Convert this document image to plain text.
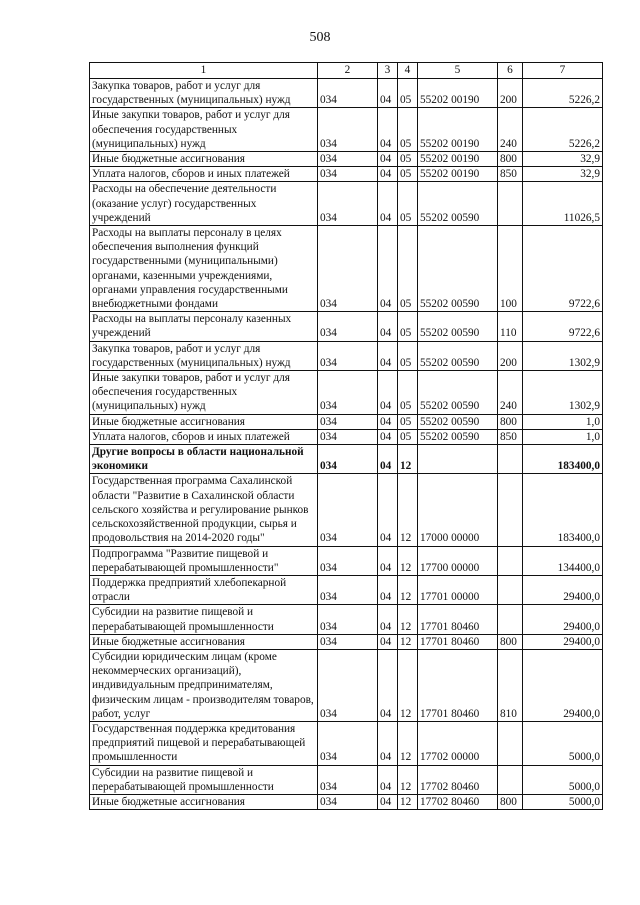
508
1	2	3	4	5	6	7
Закупка товаров, работ и услуг для государственных (муниципальных) нужд	034	04	05	55202 00190	200	5226,2
Иные закупки товаров, работ и услуг для обеспечения государственных (муниципальных) нужд	034	04	05	55202 00190	240	5226,2
Иные бюджетные ассигнования	034	04	05	55202 00190	800	32,9
Уплата налогов, сборов и иных платежей	034	04	05	55202 00190	850	32,9
Расходы на обеспечение деятельности (оказание услуг) государственных учреждений	034	04	05	55202 00590		11026,5
Расходы на выплаты персоналу в целях обеспечения выполнения функций государственными (муниципальными) органами, казенными учреждениями, органами управления государственными внебюджетными фондами	034	04	05	55202 00590	100	9722,6
Расходы на выплаты персоналу казенных учреждений	034	04	05	55202 00590	110	9722,6
Закупка товаров, работ и услуг для государственных (муниципальных) нужд	034	04	05	55202 00590	200	1302,9
Иные закупки товаров, работ и услуг для обеспечения государственных (муниципальных) нужд	034	04	05	55202 00590	240	1302,9
Иные бюджетные ассигнования	034	04	05	55202 00590	800	1,0
Уплата налогов, сборов и иных платежей	034	04	05	55202 00590	850	1,0
Другие вопросы в области национальной экономики	034	04	12			183400,0
Государственная программа Сахалинской области "Развитие в Сахалинской области сельского хозяйства и регулирование рынков сельскохозяйственной продукции, сырья и продовольствия на 2014-2020 годы"	034	04	12	17000 00000		183400,0
Подпрограмма "Развитие пищевой и перерабатывающей промышленности"	034	04	12	17700 00000		134400,0
Поддержка предприятий хлебопекарной отрасли	034	04	12	17701 00000		29400,0
Субсидии на развитие пищевой и перерабатывающей промышленности	034	04	12	17701 80460		29400,0
Иные бюджетные ассигнования	034	04	12	17701 80460	800	29400,0
Субсидии юридическим лицам (кроме некоммерческих организаций), индивидуальным предпринимателям, физическим лицам - производителям товаров, работ, услуг	034	04	12	17701 80460	810	29400,0
Государственная поддержка кредитования предприятий пищевой и перерабатывающей промышленности	034	04	12	17702 00000		5000,0
Субсидии на развитие пищевой и перерабатывающей промышленности	034	04	12	17702 80460		5000,0
Иные бюджетные ассигнования	034	04	12	17702 80460	800	5000,0
